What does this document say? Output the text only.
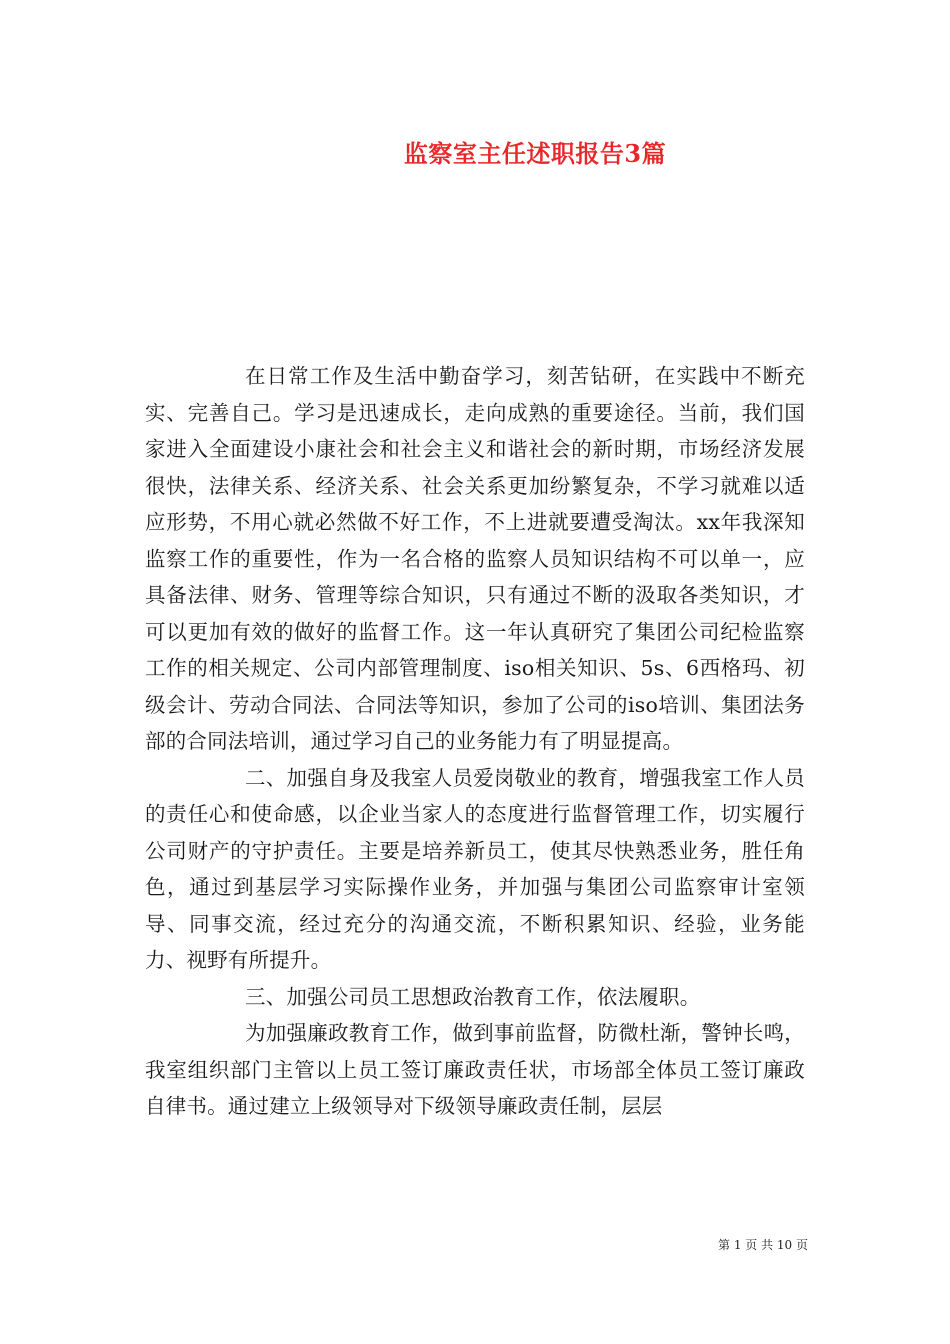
监察室主任述职报告3篇

在日常工作及生活中勤奋学习，刻苦钻研，在实践中不断充实、完善自己。学习是迅速成长，走向成熟的重要途径。当前，我们国家进入全面建设小康社会和社会主义和谐社会的新时期，市场经济发展很快，法律关系、经济关系、社会关系更加纷繁复杂，不学习就难以适应形势，不用心就必然做不好工作，不上进就要遭受淘汰。xx年我深知监察工作的重要性，作为一名合格的监察人员知识结构不可以单一，应具备法律、财务、管理等综合知识，只有通过不断的汲取各类知识，才可以更加有效的做好的监督工作。这一年认真研究了集团公司纪检监察工作的相关规定、公司内部管理制度、iso相关知识、5s、6西格玛、初级会计、劳动合同法、合同法等知识，参加了公司的iso培训、集团法务部的合同法培训，通过学习自己的业务能力有了明显提高。

二、加强自身及我室人员爱岗敬业的教育，增强我室工作人员的责任心和使命感，以企业当家人的态度进行监督管理工作，切实履行公司财产的守护责任。主要是培养新员工，使其尽快熟悉业务，胜任角色，通过到基层学习实际操作业务，并加强与集团公司监察审计室领导、同事交流，经过充分的沟通交流，不断积累知识、经验，业务能力、视野有所提升。

三、加强公司员工思想政治教育工作，依法履职。

为加强廉政教育工作，做到事前监督，防微杜渐，警钟长鸣，我室组织部门主管以上员工签订廉政责任状，市场部全体员工签订廉政自律书。通过建立上级领导对下级领导廉政责任制，层层

第 1 页 共 10 页
